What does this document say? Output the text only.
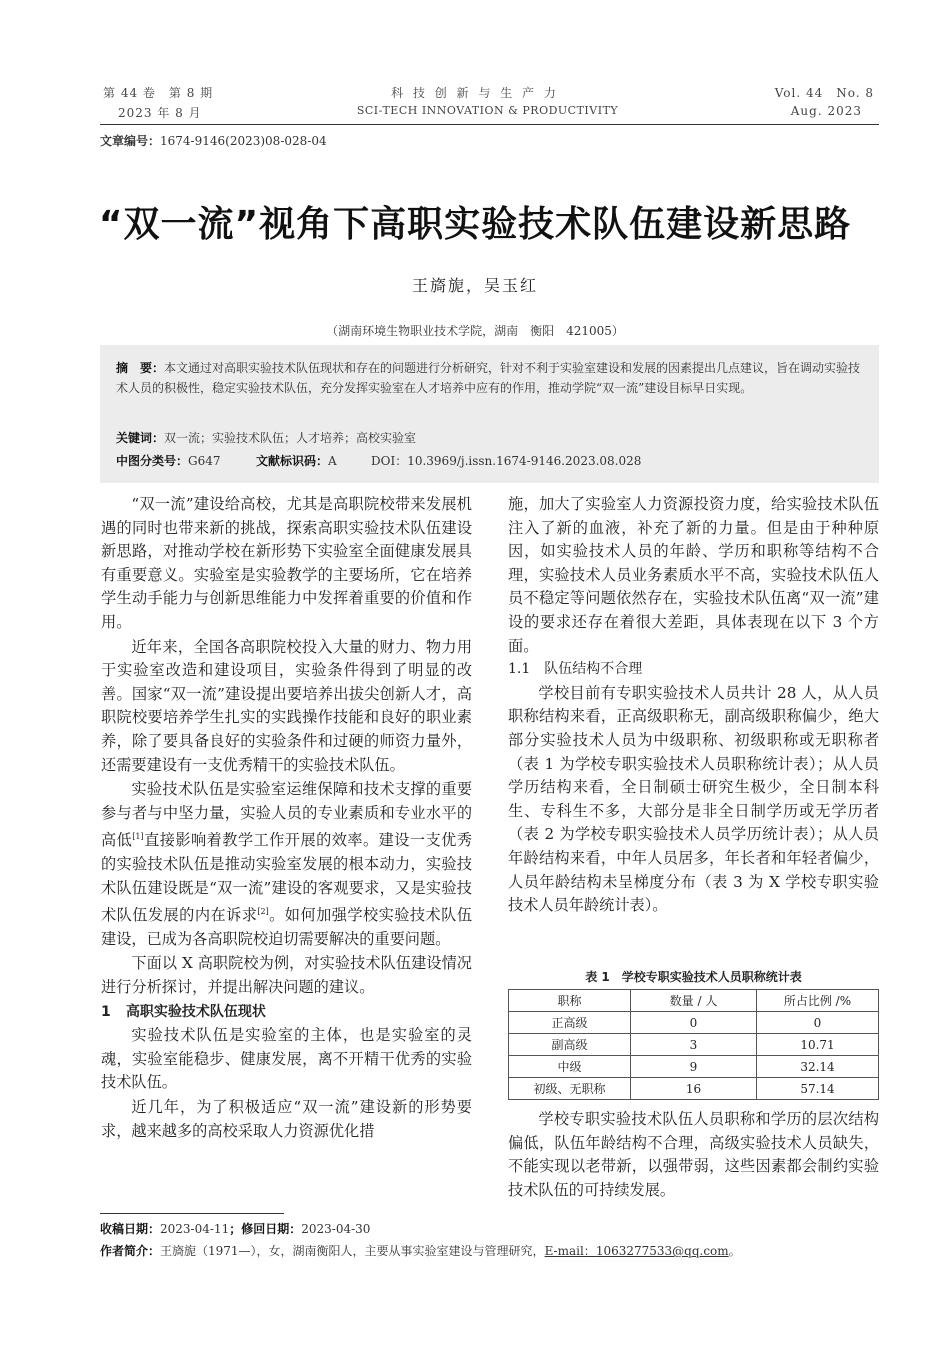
第 44 卷　第 8 期
2023 年 8 月
科 技 创 新 与 生 产 力
SCI-TECH INNOVATION & PRODUCTIVITY
Vol. 44　No. 8
Aug. 2023
文章编号：1674-9146(2023)08-028-04
“双一流”视角下高职实验技术队伍建设新思路
王旖旎，吴玉红
（湖南环境生物职业技术学院，湖南　衡阳　421005）
摘　要：本文通过对高职实验技术队伍现状和存在的问题进行分析研究，针对不利于实验室建设和发展的因素提出几点建议，旨在调动实验技术人员的积极性，稳定实验技术队伍，充分发挥实验室在人才培养中应有的作用，推动学院“双一流”建设目标早日实现。
关键词：双一流；实验技术队伍；人才培养；高校实验室
中图分类号：G647	文献标识码：A	DOI：10.3969/j.issn.1674-9146.2023.08.028

“双一流”建设给高校，尤其是高职院校带来发展机遇的同时也带来新的挑战，探索高职实验技术队伍建设新思路，对推动学校在新形势下实验室全面健康发展具有重要意义。实验室是实验教学的主要场所，它在培养学生动手能力与创新思维能力中发挥着重要的价值和作用。

近年来，全国各高职院校投入大量的财力、物力用于实验室改造和建设项目，实验条件得到了明显的改善。国家“双一流”建设提出要培养出拔尖创新人才，高职院校要培养学生扎实的实践操作技能和良好的职业素养，除了要具备良好的实验条件和过硬的师资力量外，还需要建设有一支优秀精干的实验技术队伍。

实验技术队伍是实验室运维保障和技术支撑的重要参与者与中坚力量，实验人员的专业素质和专业水平的高低[1]直接影响着教学工作开展的效率。建设一支优秀的实验技术队伍是推动实验室发展的根本动力，实验技术队伍建设既是“双一流”建设的客观要求，又是实验技术队伍发展的内在诉求[2]。如何加强学校实验技术队伍建设，已成为各高职院校迫切需要解决的重要问题。

下面以 X 高职院校为例，对实验技术队伍建设情况进行分析探讨，并提出解决问题的建议。

1  高职实验技术队伍现状

实验技术队伍是实验室的主体，也是实验室的灵魂，实验室能稳步、健康发展，离不开精干优秀的实验技术队伍。

近几年，为了积极适应“双一流”建设新的形势要求，越来越多的高校采取人力资源优化措

施，加大了实验室人力资源投资力度，给实验技术队伍注入了新的血液，补充了新的力量。但是由于种种原因，如实验技术人员的年龄、学历和职称等结构不合理，实验技术人员业务素质水平不高，实验技术队伍人员不稳定等问题依然存在，实验技术队伍离“双一流”建设的要求还存在着很大差距，具体表现在以下 3 个方面。

1.1  队伍结构不合理

学校目前有专职实验技术人员共计 28 人，从人员职称结构来看，正高级职称无，副高级职称偏少，绝大部分实验技术人员为中级职称、初级职称或无职称者（表 1 为学校专职实验技术人员职称统计表）；从人员学历结构来看，全日制硕士研究生极少，全日制本科生、专科生不多，大部分是非全日制学历或无学历者（表 2 为学校专职实验技术人员学历统计表）；从人员年龄结构来看，中年人员居多，年长者和年轻者偏少，人员年龄结构未呈梯度分布（表 3 为 X 学校专职实验技术人员年龄统计表）。

表 1  学校专职实验技术人员职称统计表
职称	数量 / 人	所占比例 /%
正高级	0	0
副高级	3	10.71
中级	9	32.14
初级、无职称	16	57.14

学校专职实验技术队伍人员职称和学历的层次结构偏低，队伍年龄结构不合理，高级实验技术人员缺失，不能实现以老带新，以强带弱，这些因素都会制约实验技术队伍的可持续发展。

收稿日期：2023-04-11；修回日期：2023-04-30
作者简介：王旖旎（1971—），女，湖南衡阳人，主要从事实验室建设与管理研究，E-mail：1063277533@qq.com。
